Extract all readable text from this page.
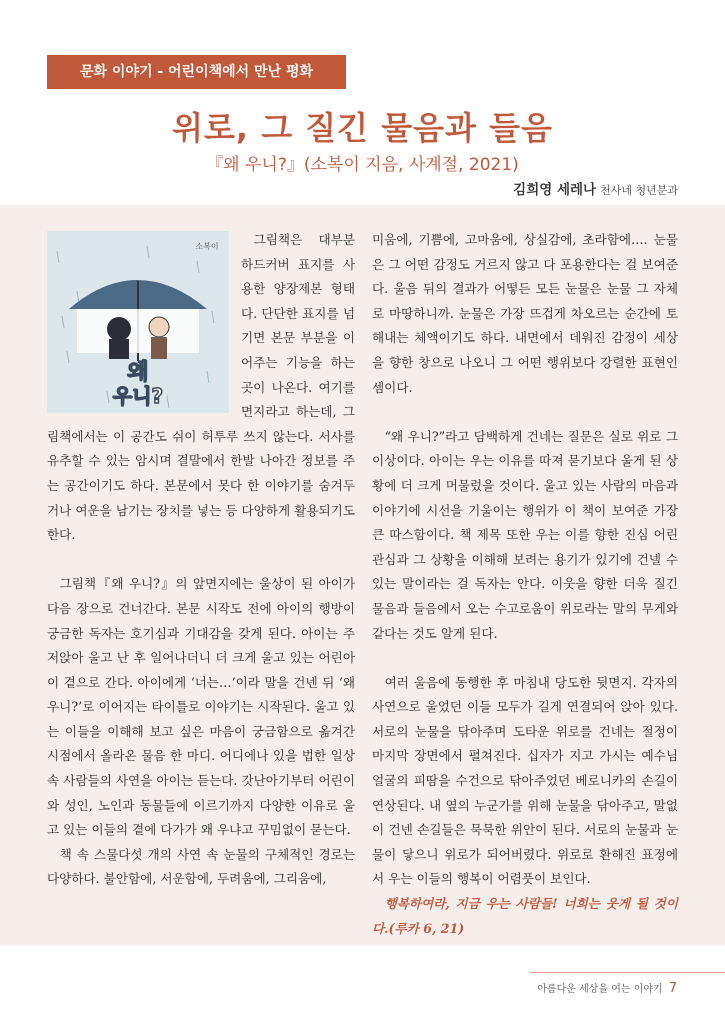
문화 이야기 - 어린이책에서 만난 평화
위로, 그 질긴 물음과 들음
『왜 우니?』(소복이 지음, 사계절, 2021)
김희영 세레나 천사네 청년분과
왜
우니?
소복이	그림책은 대부분 하드커버 표지를 사용한 양장제본 형태다. 단단한 표지를 넘기면 본문 부분을 이어주는 기능을 하는 곳이 나온다. 여기를 면지라고 하는데, 그림책에서는 이 공간도 쉬이 허투루 쓰지 않는다. 서사를 유추할 수 있는 암시며 결말에서 한발 나아간 정보를 주는 공간이기도 하다. 본문에서 못다 한 이야기를 숨겨두거나 여운을 남기는 장치를 넣는 등 다양하게 활용되기도 한다.

그림책『왜 우니?』의 앞면지에는 울상이 된 아이가 다음 장으로 건너간다. 본문 시작도 전에 아이의 행방이 궁금한 독자는 호기심과 기대감을 갖게 된다. 아이는 주저앉아 울고 난 후 일어나더니 더 크게 울고 있는 어린아이 곁으로 간다. 아이에게 ‘너는…’이라 말을 건넨 뒤 ‘왜 우니?’로 이어지는 타이틀로 이야기는 시작된다. 울고 있는 이들을 이해해 보고 싶은 마음이 궁금함으로 옮겨간 시점에서 올라온 물음 한 마디. 어디에나 있을 법한 일상 속 사람들의 사연을 아이는 듣는다. 갓난아기부터 어린이와 성인, 노인과 동물들에 이르기까지 다양한 이유로 울고 있는 이들의 곁에 다가가 왜 우냐고 꾸밈없이 묻는다.

책 속 스물다섯 개의 사연 속 눈물의 구체적인 경로는 다양하다. 불안함에, 서운함에, 두려움에, 그리움에,

미움에, 기쁨에, 고마움에, 상실감에, 초라함에…. 눈물은 그 어떤 감정도 거르지 않고 다 포용한다는 걸 보여준다. 울음 뒤의 결과가 어떻든 모든 눈물은 눈물 그 자체로 마땅하니까. 눈물은 가장 뜨겁게 차오르는 순간에 토해내는 체액이기도 하다. 내면에서 데워진 감정이 세상을 향한 창으로 나오니 그 어떤 행위보다 강렬한 표현인 셈이다.

“왜 우니?”라고 담백하게 건네는 질문은 실로 위로 그 이상이다. 아이는 우는 이유를 따져 묻기보다 울게 된 상황에 더 크게 머물렀을 것이다. 울고 있는 사람의 마음과 이야기에 시선을 기울이는 행위가 이 책이 보여준 가장 큰 따스함이다. 책 제목 또한 우는 이를 향한 진심 어린 관심과 그 상황을 이해해 보려는 용기가 있기에 건넬 수 있는 말이라는 걸 독자는 안다. 이웃을 향한 더욱 질긴 물음과 들음에서 오는 수고로움이 위로라는 말의 무게와 같다는 것도 알게 된다.

여러 울음에 동행한 후 마침내 당도한 뒷면지. 각자의 사연으로 울었던 이들 모두가 길게 연결되어 앉아 있다. 서로의 눈물을 닦아주며 도타운 위로를 건네는 절정이 마지막 장면에서 펼쳐진다. 십자가 지고 가시는 예수님 얼굴의 피땀을 수건으로 닦아주었던 베로니카의 손길이 연상된다. 내 옆의 누군가를 위해 눈물을 닦아주고, 말없이 건넨 손길들은 묵묵한 위안이 된다. 서로의 눈물과 눈물이 닿으니 위로가 되어버렸다. 위로로 환해진 표정에서 우는 이들의 행복이 어렴풋이 보인다.

행복하여라, 지금 우는 사람들! 너희는 웃게 될 것이다.(루카 6, 21)

아름다운 세상을 여는 이야기 7
